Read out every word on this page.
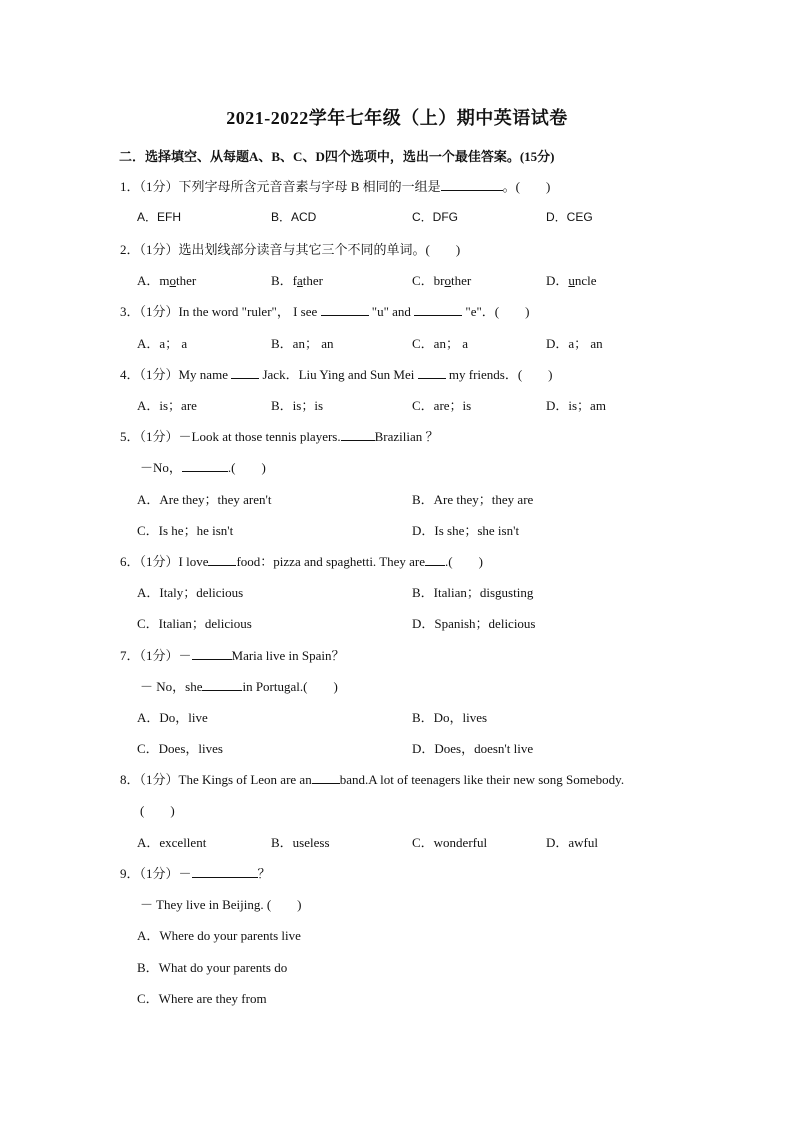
2021-2022学年七年级（上）期中英语试卷
二．选择填空、从每题A、B、C、D四个选项中，选出一个最佳答案。(15分)
1．（1分）下列字母所含元音音素与字母 B 相同的一组是	。(　　)
A．EFH	B．ACD	C．DFG	D．CEG
2．（1分）选出划线部分读音与其它三个不同的单词。(　　)
A．mother	B．father	C．brother	D．uncle
3．（1分）In the word "ruler"， I see	"u" and	"e"．(　　)
A．a； a	B．an； an	C．an； a	D．a； an
4．（1分）My name  Jack．Liu Ying and Sun Mei  my friends．(　　)
A．is；are	B．is；is	C．are；is	D．is；am
5．（1分）－Look at those tennis players.	Brazilian ？
－No，	.(　　)
A．Are they；they aren't	B．Are they；they are
C．Is he；he isn't	D．Is she；she isn't
6．（1分）I love food：pizza and spaghetti. They are .(　　)
A．Italy；delicious	B．Italian；disgusting
C．Italian；delicious	D．Spanish；delicious
7．（1分）－	Maria live in Spain？
－ No，she	in Portugal.(　　)
A．Do，live	B．Do，lives
C．Does，lives	D．Does，doesn't live
8．（1分）The Kings of Leon are an band.A lot of teenagers like their new song Somebody.
(　　)
A．excellent	B．useless	C．wonderful	D．awful
9．（1分）－	？
－ They live in Beijing. (　　)
A．Where do your parents live
B．What do your parents do
C．Where are they from
